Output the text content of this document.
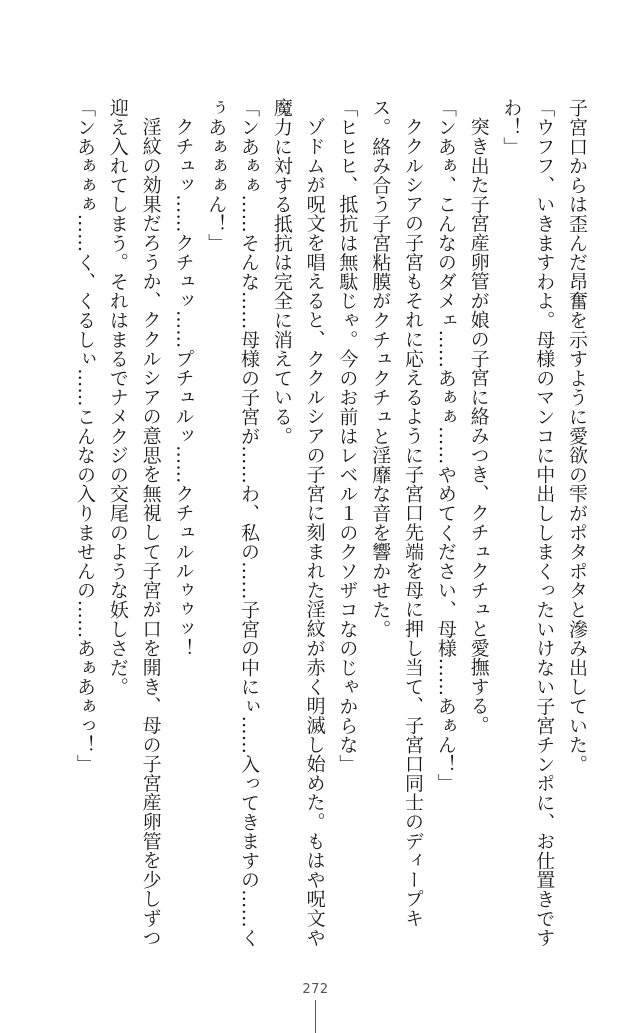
子宮口からは歪んだ昂奮を示すように愛欲の雫がポタポタと滲み出していた。

「ウフフ、いきますわよ。母様のマンコに中出ししまくったいけない子宮チンポに、お仕置きですわ！」

突き出た子宮産卵管が娘の子宮に絡みつき、クチュクチュと愛撫する。

「ンあぁ、こんなのダメェ……あぁぁ……やめてください、母様……あぁん！」

ククルシアの子宮もそれに応えるように子宮口先端を母に押し当て、子宮口同士のディープキス。絡み合う子宮粘膜がクチュクチュと淫靡な音を響かせた。

「ヒヒヒ、抵抗は無駄じゃ。今のお前はレベル１のクソザコなのじゃからな」

ゾドムが呪文を唱えると、ククルシアの子宮に刻まれた淫紋が赤く明滅し始めた。もはや呪文や魔力に対する抵抗は完全に消えている。

「ンあぁぁ……そんな……母様の子宮が……わ、私の……子宮の中にぃ……入ってきますの……くぅあぁぁぁん！」

クチュッ……クチュッ……プチュルッ……クチュルルゥゥッ！

淫紋の効果だろうか、ククルシアの意思を無視して子宮が口を開き、母の子宮産卵管を少しずつ迎え入れてしまう。それはまるでナメクジの交尾のような妖しさだ。

「ンあぁぁぁ……く、くるしぃ……こんなの入りませんの……あぁあぁっ！」

272
